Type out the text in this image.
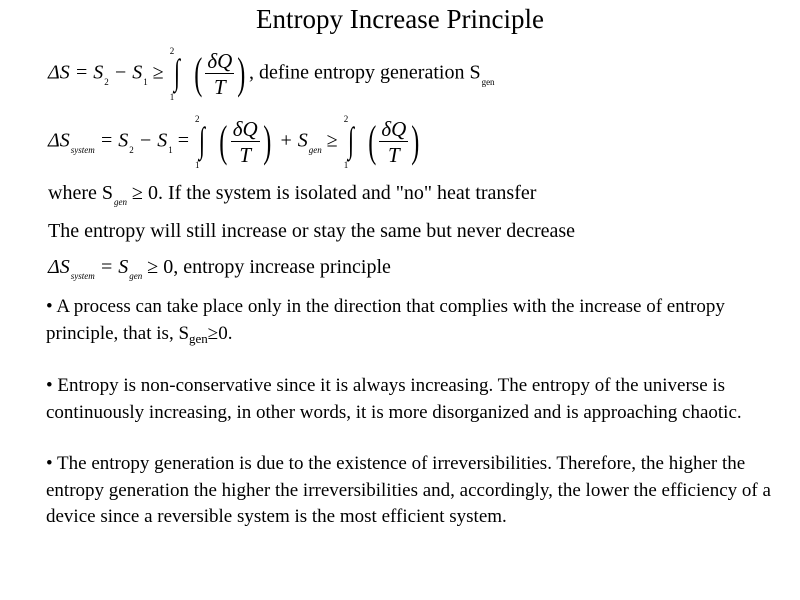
Entropy Increase Principle
$\Delta S = S_2 - S_1$ ≥
2
∫
1 ( $\frac{\delta Q}{T}$ ) , define entropy generation $S_{gen}$
$\Delta S_{system} = S_2 - S_1$ =
2
∫
1 ( $\frac{\delta Q}{T}$ ) + $S_{gen}$ ≥
2
∫
1 ( $\frac{\delta Q}{T}$ )
where $S_{gen} \ge 0$. If the system is isolated and "no" heat transfer
The entropy will still increase or stay the same but never decrease
$\Delta S_{system} = S_{gen} \ge 0$, entropy increase principle

• A process can take place only in the direction that complies with the increase of entropy principle, that is, $S_{gen}\ge 0$.

• Entropy is non-conservative since it is always increasing. The entropy of the universe is continuously increasing, in other words, it is more disorganized and is approaching chaotic.

• The entropy generation is due to the existence of irreversibilities. Therefore, the higher the entropy generation the higher the irreversibilities and, accordingly, the lower the efficiency of a device since a reversible system is the most efficient system.
